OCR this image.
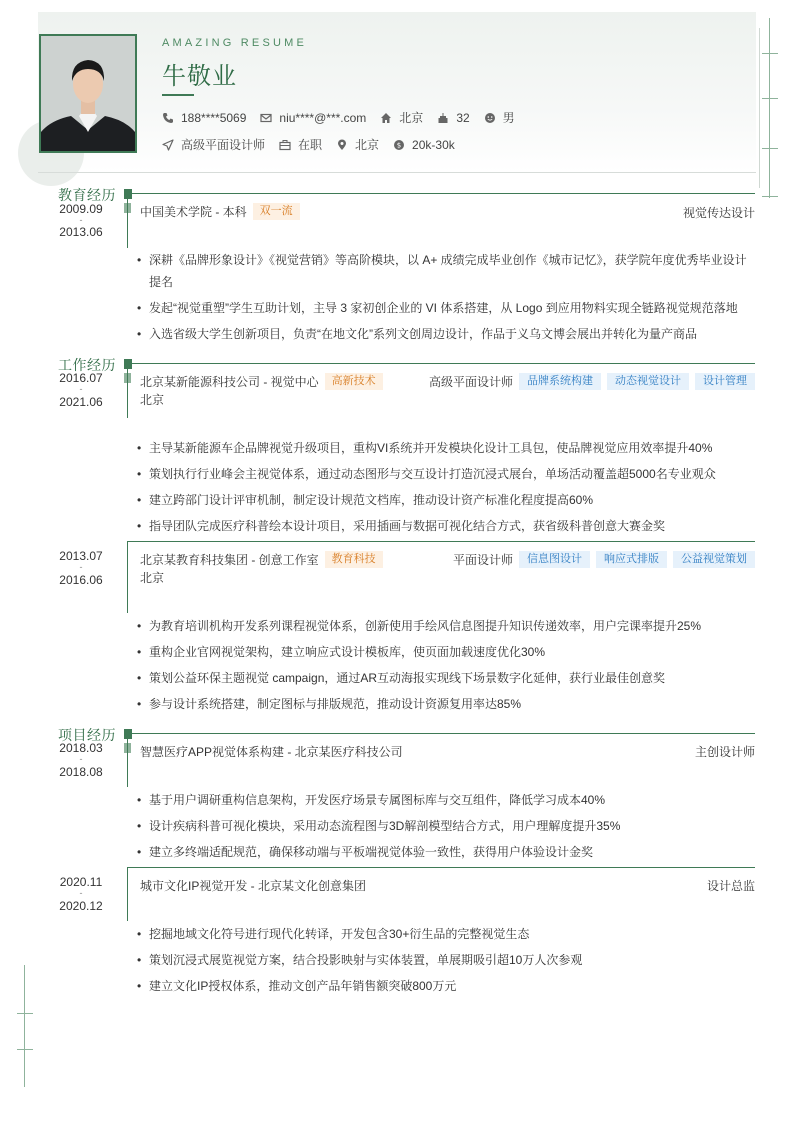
AMAZING RESUME
牛敬业
188****5069	niu****@***.com	北京	32	男
高级平面设计师	在职	北京	$ 20k-30k
教育经历
2009.09
-
2013.06
中国美术学院 - 本科	双一流	视觉传达设计
• 深耕《品牌形象设计》《视觉营销》等高阶模块，以 A+ 成绩完成毕业创作《城市记忆》，获学院年度优秀毕业设计提名
• 发起“视觉重塑”学生互助计划，主导 3 家初创企业的 VI 体系搭建，从 Logo 到应用物料实现全链路视觉规范落地
• 入选省级大学生创新项目，负责“在地文化”系列文创周边设计，作品于义乌文博会展出并转化为量产商品
工作经历
2016.07
-
2021.06
北京某新能源科技公司 - 视觉中心	高新技术
北京
高级平面设计师	品牌系统构建	动态视觉设计	设计管理
• 主导某新能源车企品牌视觉升级项目，重构VI系统并开发模块化设计工具包，使品牌视觉应用效率提升40%
• 策划执行行业峰会主视觉体系，通过动态图形与交互设计打造沉浸式展台，单场活动覆盖超5000名专业观众
• 建立跨部门设计评审机制，制定设计规范文档库，推动设计资产标准化程度提高60%
• 指导团队完成医疗科普绘本设计项目，采用插画与数据可视化结合方式，获省级科普创意大赛金奖
2013.07
-
2016.06
北京某教育科技集团 - 创意工作室	教育科技
北京
平面设计师	信息图设计	响应式排版	公益视觉策划
• 为教育培训机构开发系列课程视觉体系，创新使用手绘风信息图提升知识传递效率，用户完课率提升25%
• 重构企业官网视觉架构，建立响应式设计模板库，使页面加载速度优化30%
• 策划公益环保主题视觉 campaign，通过AR互动海报实现线下场景数字化延伸，获行业最佳创意奖
• 参与设计系统搭建，制定图标与排版规范，推动设计资源复用率达85%
项目经历
2018.03
-
2018.08
智慧医疗APP视觉体系构建 - 北京某医疗科技公司	主创设计师
• 基于用户调研重构信息架构，开发医疗场景专属图标库与交互组件，降低学习成本40%
• 设计疾病科普可视化模块，采用动态流程图与3D解剖模型结合方式，用户理解度提升35%
• 建立多终端适配规范，确保移动端与平板端视觉体验一致性，获得用户体验设计金奖
2020.11
-
2020.12
城市文化IP视觉开发 - 北京某文化创意集团	设计总监
• 挖掘地域文化符号进行现代化转译，开发包含30+衍生品的完整视觉生态
• 策划沉浸式展览视觉方案，结合投影映射与实体装置，单展期吸引超10万人次参观
• 建立文化IP授权体系，推动文创产品年销售额突破800万元
